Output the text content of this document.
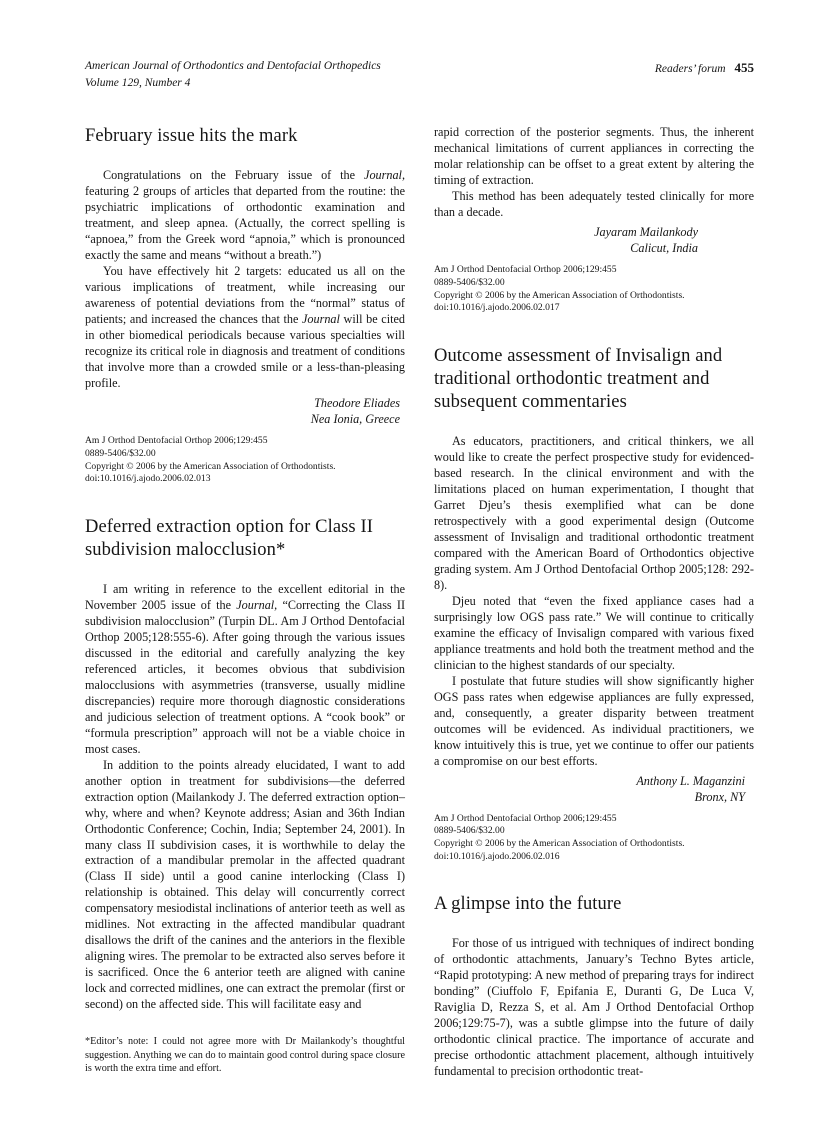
American Journal of Orthodontics and Dentofacial Orthopedics
Volume 129, Number 4
Readers’ forum 455
February issue hits the mark

Congratulations on the February issue of the Journal, featuring 2 groups of articles that departed from the routine: the psychiatric implications of orthodontic examination and treatment, and sleep apnea. (Actually, the correct spelling is “apnoea,” from the Greek word “apnoia,” which is pronounced exactly the same and means “without a breath.”)

You have effectively hit 2 targets: educated us all on the various implications of treatment, while increasing our awareness of potential deviations from the “normal” status of patients; and increased the chances that the Journal will be cited in other biomedical periodicals because various specialties will recognize its critical role in diagnosis and treatment of conditions that involve more than a crowded smile or a less-than-pleasing profile.

Theodore Eliades
Nea Ionia, Greece
Am J Orthod Dentofacial Orthop 2006;129:455
0889-5406/$32.00
Copyright © 2006 by the American Association of Orthodontists.
doi:10.1016/j.ajodo.2006.02.013
Deferred extraction option for Class II subdivision malocclusion*

I am writing in reference to the excellent editorial in the November 2005 issue of the Journal, “Correcting the Class II subdivision malocclusion” (Turpin DL. Am J Orthod Dentofacial Orthop 2005;128:555-6). After going through the various issues discussed in the editorial and carefully analyzing the key referenced articles, it becomes obvious that subdivision malocclusions with asymmetries (transverse, usually midline discrepancies) require more thorough diagnostic considerations and judicious selection of treatment options. A “cook book” or “formula prescription” approach will not be a viable choice in most cases.

In addition to the points already elucidated, I want to add another option in treatment for subdivisions—the deferred extraction option (Mailankody J. The deferred extraction option–why, where and when? Keynote address; Asian and 36th Indian Orthodontic Conference; Cochin, India; September 24, 2001). In many class II subdivision cases, it is worthwhile to delay the extraction of a mandibular premolar in the affected quadrant (Class II side) until a good canine interlocking (Class I) relationship is obtained. This delay will concurrently correct compensatory mesiodistal inclinations of anterior teeth as well as midlines. Not extracting in the affected mandibular quadrant disallows the drift of the canines and the anteriors in the flexible aligning wires. The premolar to be extracted also serves before it is sacrificed. Once the 6 anterior teeth are aligned with canine lock and corrected midlines, one can extract the premolar (first or second) on the affected side. This will facilitate easy and

*Editor’s note: I could not agree more with Dr Mailankody’s thoughtful suggestion. Anything we can do to maintain good control during space closure is worth the extra time and effort.

rapid correction of the posterior segments. Thus, the inherent mechanical limitations of current appliances in correcting the molar relationship can be offset to a great extent by altering the timing of extraction.

This method has been adequately tested clinically for more than a decade.

Jayaram Mailankody
Calicut, India
Am J Orthod Dentofacial Orthop 2006;129:455
0889-5406/$32.00
Copyright © 2006 by the American Association of Orthodontists.
doi:10.1016/j.ajodo.2006.02.017
Outcome assessment of Invisalign and traditional orthodontic treatment and subsequent commentaries

As educators, practitioners, and critical thinkers, we all would like to create the perfect prospective study for evidenced-based research. In the clinical environment and with the limitations placed on human experimentation, I thought that Garret Djeu’s thesis exemplified what can be done retrospectively with a good experimental design (Outcome assessment of Invisalign and traditional orthodontic treatment compared with the American Board of Orthodontics objective grading system. Am J Orthod Dentofacial Orthop 2005;128: 292-8).

Djeu noted that “even the fixed appliance cases had a surprisingly low OGS pass rate.” We will continue to critically examine the efficacy of Invisalign compared with various fixed appliance treatments and hold both the treatment method and the clinician to the highest standards of our specialty.

I postulate that future studies will show significantly higher OGS pass rates when edgewise appliances are fully expressed, and, consequently, a greater disparity between treatment outcomes will be evidenced. As individual practitioners, we know intuitively this is true, yet we continue to offer our patients a compromise on our best efforts.

Anthony L. Maganzini
Bronx, NY
Am J Orthod Dentofacial Orthop 2006;129:455
0889-5406/$32.00
Copyright © 2006 by the American Association of Orthodontists.
doi:10.1016/j.ajodo.2006.02.016
A glimpse into the future

For those of us intrigued with techniques of indirect bonding of orthodontic attachments, January’s Techno Bytes article, “Rapid prototyping: A new method of preparing trays for indirect bonding” (Ciuffolo F, Epifania E, Duranti G, De Luca V, Raviglia D, Rezza S, et al. Am J Orthod Dentofacial Orthop 2006;129:75-7), was a subtle glimpse into the future of daily orthodontic clinical practice. The importance of accurate and precise orthodontic attachment placement, although intuitively fundamental to precision orthodontic treat-
